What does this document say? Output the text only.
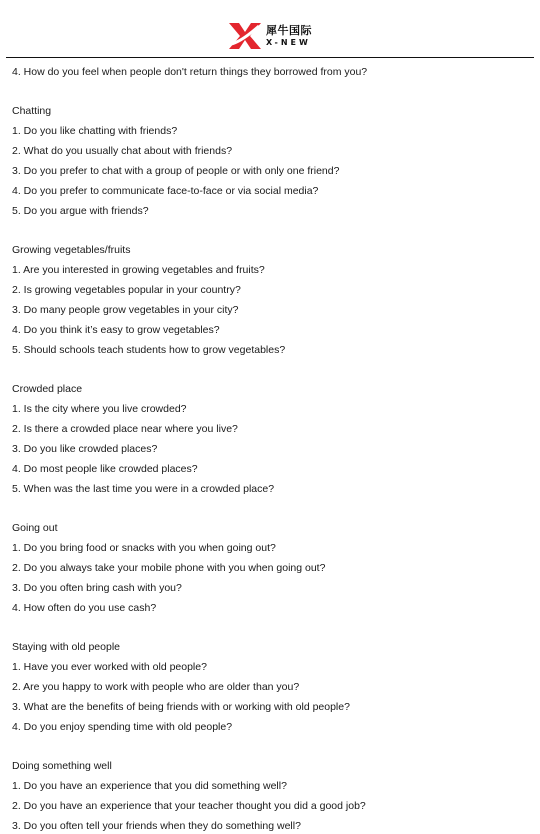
犀牛国际
X-NEW
4. How do you feel when people don't return things they borrowed from you?
Chatting
1. Do you like chatting with friends?
2. What do you usually chat about with friends?
3. Do you prefer to chat with a group of people or with only one friend?
4. Do you prefer to communicate face-to-face or via social media?
5. Do you argue with friends?
Growing vegetables/fruits
1. Are you interested in growing vegetables and fruits?
2. Is growing vegetables popular in your country?
3. Do many people grow vegetables in your city?
4. Do you think it’s easy to grow vegetables?
5. Should schools teach students how to grow vegetables?
Crowded place
1. Is the city where you live crowded?
2. Is there a crowded place near where you live?
3. Do you like crowded places?
4. Do most people like crowded places?
5. When was the last time you were in a crowded place?
Going out
1. Do you bring food or snacks with you when going out?
2. Do you always take your mobile phone with you when going out?
3. Do you often bring cash with you?
4. How often do you use cash?
Staying with old people
1. Have you ever worked with old people?
2. Are you happy to work with people who are older than you?
3. What are the benefits of being friends with or working with old people?
4. Do you enjoy spending time with old people?
Doing something well
1. Do you have an experience that you did something well?
2. Do you have an experience that your teacher thought you did a good job?
3. Do you often tell your friends when they do something well?
